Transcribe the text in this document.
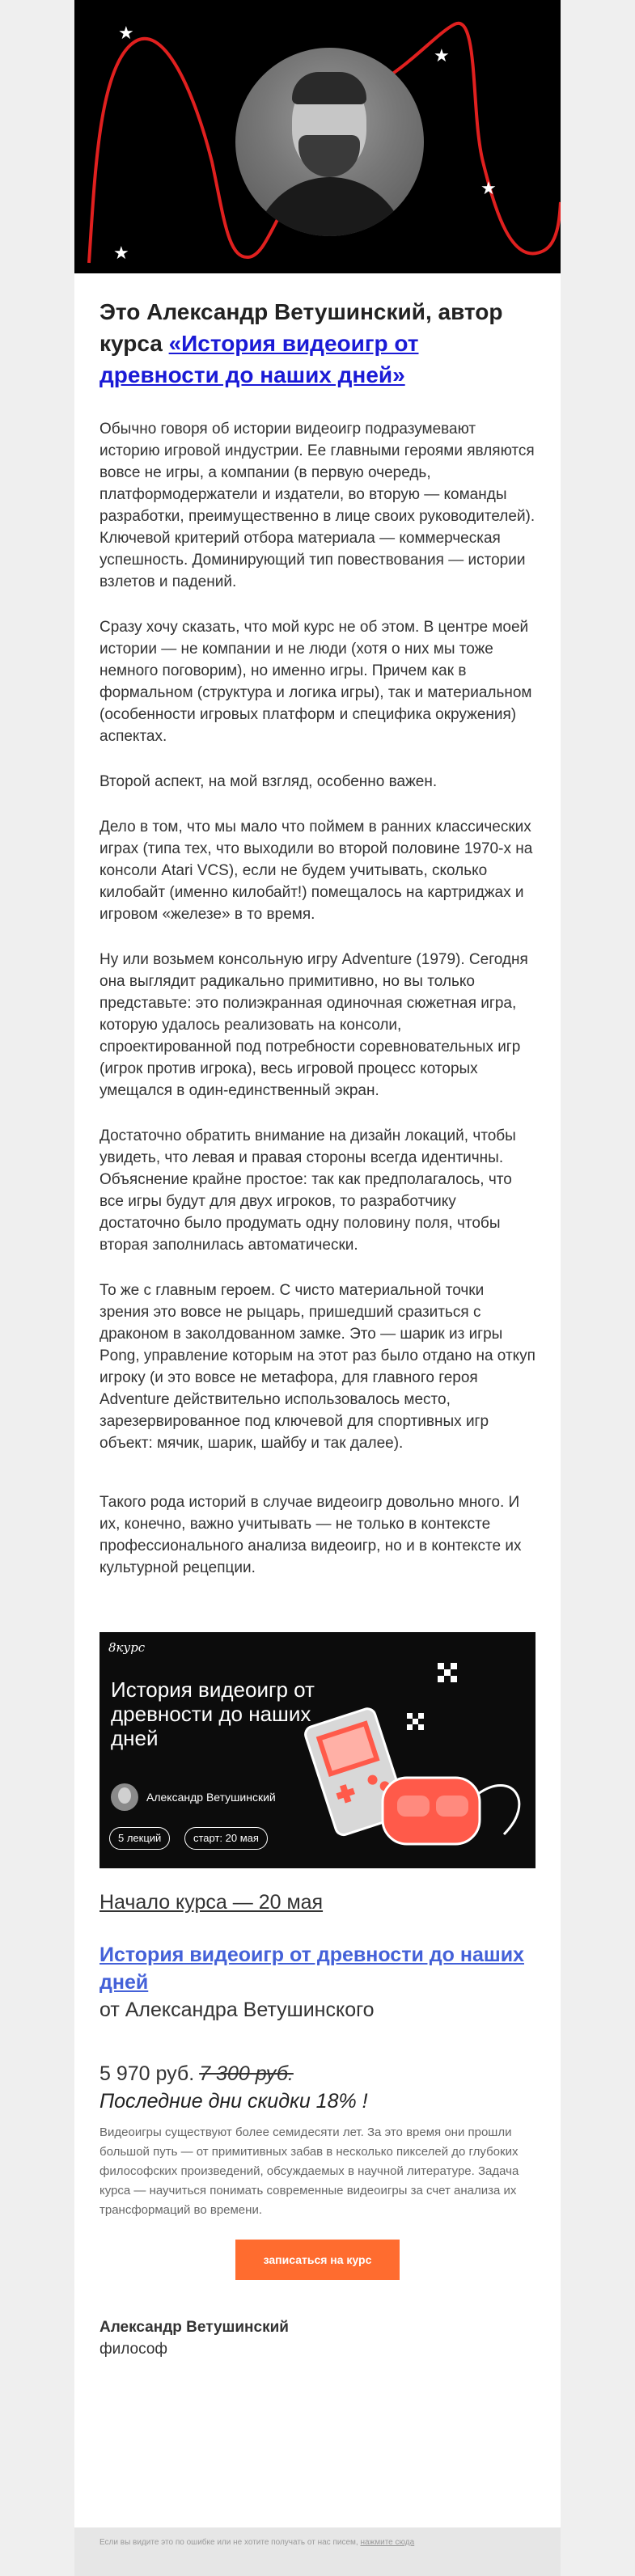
★
★
★
★
Это Александр Ветушинский, автор курса «История видеоигр от древности до наших дней»

Обычно говоря об истории видеоигр подразумевают историю игровой индустрии. Ее главными героями являются вовсе не игры, а компании (в первую очередь, платформодержатели и издатели, во вторую — команды разработки, преимущественно в лице своих руководителей). Ключевой критерий отбора материала — коммерческая успешность. Доминирующий тип повествования — истории взлетов и падений.

Сразу хочу сказать, что мой курс не об этом. В центре моей истории — не компании и не люди (хотя о них мы тоже немного поговорим), но именно игры. Причем как в формальном (структура и логика игры), так и материальном (особенности игровых платформ и специфика окружения) аспектах.

Второй аспект, на мой взгляд, особенно важен.

Дело в том, что мы мало что поймем в ранних классических играх (типа тех, что выходили во второй половине 1970-х на консоли Atari VCS), если не будем учитывать, сколько килобайт (именно килобайт!) помещалось на картриджах и игровом «железе» в то время.

Ну или возьмем консольную игру Adventure (1979). Сегодня она выглядит радикально примитивно, но вы только представьте: это полиэкранная одиночная сюжетная игра, которую удалось реализовать на консоли, спроектированной под потребности соревновательных игр (игрок против игрока), весь игровой процесс которых умещался в один-единственный экран.

Достаточно обратить внимание на дизайн локаций, чтобы увидеть, что левая и правая стороны всегда идентичны. Объяснение крайне простое: так как предполагалось, что все игры будут для двух игроков, то разработчику достаточно было продумать одну половину поля, чтобы вторая заполнилась автоматически.

То же с главным героем. С чисто материальной точки зрения это вовсе не рыцарь, пришедший сразиться с драконом в заколдованном замке. Это — шарик из игры Pong, управление которым на этот раз было отдано на откуп игроку (и это вовсе не метафора, для главного героя Adventure действительно использовалось место, зарезервированное под ключевой для спортивных игр объект: мячик, шарик, шайбу и так далее).

Такого рода историй в случае видеоигр довольно много. И их, конечно, важно учитывать — не только в контексте профессионального анализа видеоигр, но и в контексте их культурной рецепции.

8курс
История видеоигр от древности до наших дней
Александр Ветушинский
5 лекций	старт: 20 мая
Начало курса — 20 мая
История видеоигр от древности до наших дней
от Александра Ветушинского
5 970 руб. 7 300 руб.
Последние дни скидки 18% !

Видеоигры существуют более семидесяти лет. За это время они прошли большой путь — от примитивных забав в несколько пикселей до глубоких философских произведений, обсуждаемых в научной литературе. Задача курса — научиться понимать современные видеоигры за счет анализа их трансформаций во времени.

записаться на курс
Александр Ветушинский
философ
Если вы видите это по ошибке или не хотите получать от нас писем, нажмите сюда
